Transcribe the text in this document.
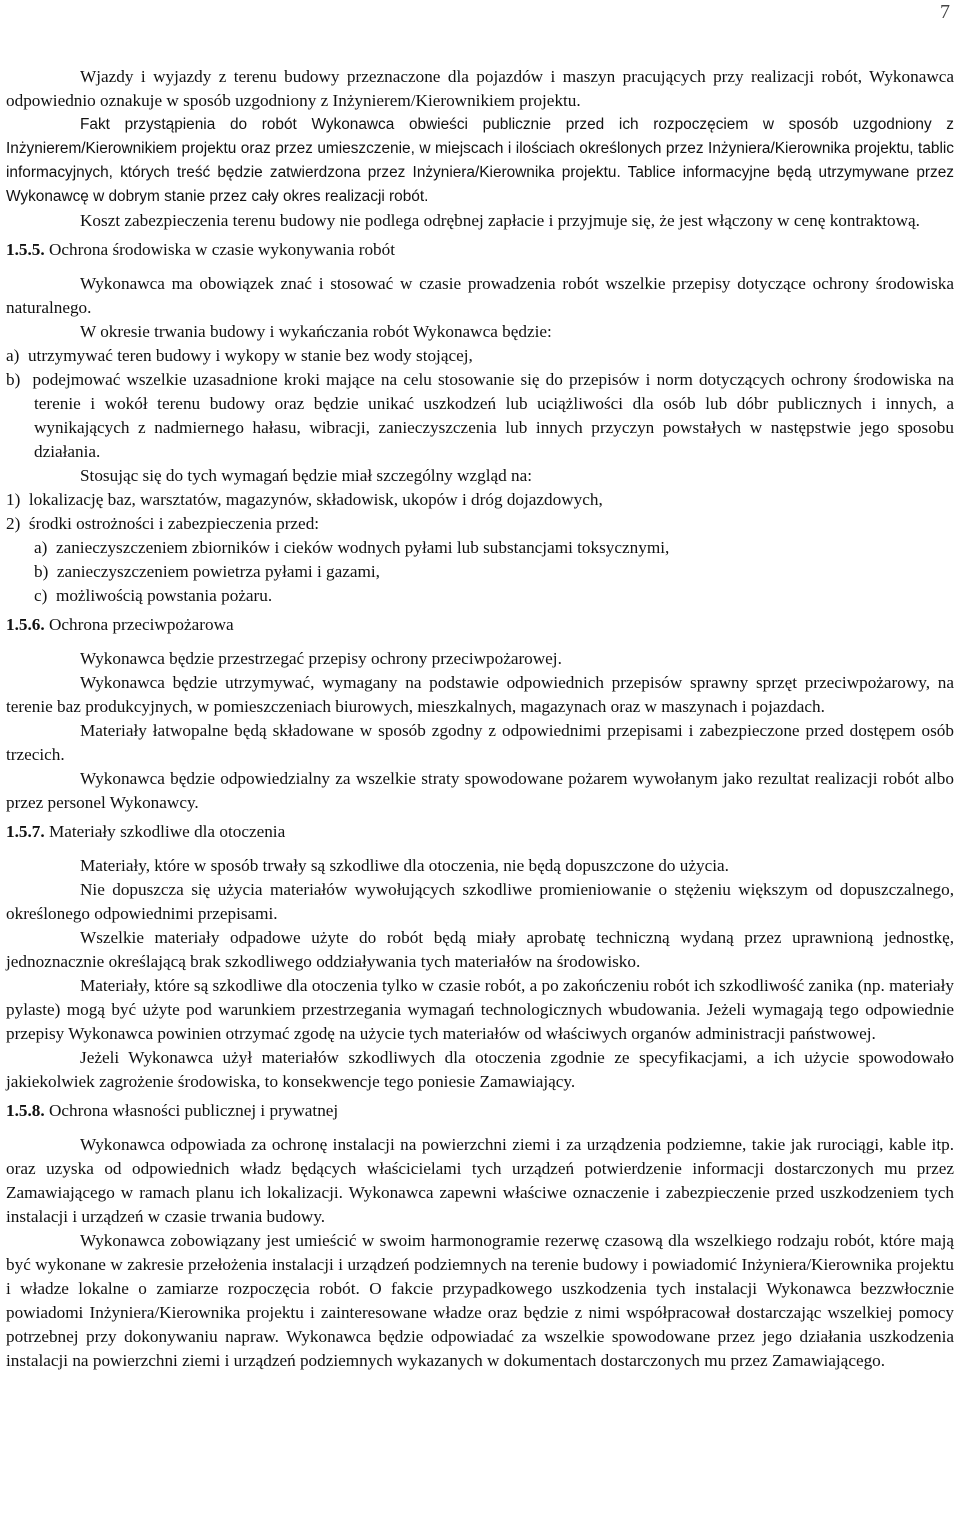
7

Wjazdy i wyjazdy z terenu budowy przeznaczone dla pojazdów i maszyn pracujących przy realizacji robót, Wykonawca odpowiednio oznakuje w sposób uzgodniony z Inżynierem/Kierownikiem projektu.

Fakt przystąpienia do robót Wykonawca obwieści publicznie przed ich rozpoczęciem w sposób uzgodniony z Inżynierem/Kierownikiem projektu oraz przez umieszczenie, w miejscach i ilościach określonych przez Inżyniera/Kierownika projektu, tablic informacyjnych, których treść będzie zatwierdzona przez Inżyniera/Kierownika projektu. Tablice informacyjne będą utrzymywane przez Wykonawcę w dobrym stanie przez cały okres realizacji robót.

Koszt zabezpieczenia terenu budowy nie podlega odrębnej zapłacie i przyjmuje się, że jest włączony w cenę kontraktową.

1.5.5. Ochrona środowiska w czasie wykonywania robót

Wykonawca ma obowiązek znać i stosować w czasie prowadzenia robót wszelkie przepisy dotyczące ochrony środowiska naturalnego.

W okresie trwania budowy i wykańczania robót Wykonawca będzie:

a)  utrzymywać teren budowy i wykopy w stanie bez wody stojącej,

b)  podejmować wszelkie uzasadnione kroki mające na celu stosowanie się do przepisów i norm dotyczących ochrony środowiska na terenie i wokół terenu budowy oraz będzie unikać uszkodzeń lub uciążliwości dla osób lub dóbr publicznych i innych, a wynikających z nadmiernego hałasu, wibracji, zanieczyszczenia lub innych przyczyn powstałych w następstwie jego sposobu działania.

Stosując się do tych wymagań będzie miał szczególny wzgląd na:

1)  lokalizację baz, warsztatów, magazynów, składowisk, ukopów i dróg dojazdowych,

2)  środki ostrożności i zabezpieczenia przed:

a)  zanieczyszczeniem zbiorników i cieków wodnych pyłami lub substancjami toksycznymi,

b)  zanieczyszczeniem powietrza pyłami i gazami,

c)  możliwością powstania pożaru.

1.5.6. Ochrona przeciwpożarowa

Wykonawca będzie przestrzegać przepisy ochrony przeciwpożarowej.

Wykonawca będzie utrzymywać, wymagany na podstawie odpowiednich przepisów sprawny sprzęt przeciwpożarowy, na terenie baz produkcyjnych, w pomieszczeniach biurowych, mieszkalnych, magazynach oraz w maszynach i pojazdach.

Materiały łatwopalne będą składowane w sposób zgodny z odpowiednimi przepisami i zabezpieczone przed dostępem osób trzecich.

Wykonawca będzie odpowiedzialny za wszelkie straty spowodowane pożarem wywołanym jako rezultat realizacji robót albo przez personel Wykonawcy.

1.5.7. Materiały szkodliwe dla otoczenia

Materiały, które w sposób trwały są szkodliwe dla otoczenia, nie będą dopuszczone do użycia.

Nie dopuszcza się użycia materiałów wywołujących szkodliwe promieniowanie o stężeniu większym od dopuszczalnego, określonego odpowiednimi przepisami.

Wszelkie materiały odpadowe użyte do robót będą miały aprobatę techniczną wydaną przez uprawnioną jednostkę, jednoznacznie określającą brak szkodliwego oddziaływania tych materiałów na środowisko.

Materiały, które są szkodliwe dla otoczenia tylko w czasie robót, a po zakończeniu robót ich szkodliwość zanika (np. materiały pylaste) mogą być użyte pod warunkiem przestrzegania wymagań technologicznych wbudowania. Jeżeli wymagają tego odpowiednie przepisy Wykonawca powinien otrzymać zgodę na użycie tych materiałów od właściwych organów administracji państwowej.

Jeżeli Wykonawca użył materiałów szkodliwych dla otoczenia zgodnie ze specyfikacjami, a ich użycie spowodowało jakiekolwiek zagrożenie środowiska, to konsekwencje tego poniesie Zamawiający.

1.5.8. Ochrona własności publicznej i prywatnej

Wykonawca odpowiada za ochronę instalacji na powierzchni ziemi i za urządzenia podziemne, takie jak rurociągi, kable itp. oraz uzyska od odpowiednich władz będących właścicielami tych urządzeń potwierdzenie informacji dostarczonych mu przez Zamawiającego w ramach planu ich lokalizacji. Wykonawca zapewni właściwe oznaczenie i zabezpieczenie przed uszkodzeniem tych instalacji i urządzeń w czasie trwania budowy.

Wykonawca zobowiązany jest umieścić w swoim harmonogramie rezerwę czasową dla wszelkiego rodzaju robót, które mają być wykonane w zakresie przełożenia instalacji i urządzeń podziemnych na terenie budowy i powiadomić Inżyniera/Kierownika projektu i władze lokalne o zamiarze rozpoczęcia robót. O fakcie przypadkowego uszkodzenia tych instalacji Wykonawca bezzwłocznie powiadomi Inżyniera/Kierownika projektu i zainteresowane władze oraz będzie z nimi współpracował dostarczając wszelkiej pomocy potrzebnej przy dokonywaniu napraw. Wykonawca będzie odpowiadać za wszelkie spowodowane przez jego działania uszkodzenia instalacji na powierzchni ziemi i urządzeń podziemnych wykazanych w dokumentach dostarczonych mu przez Zamawiającego.
